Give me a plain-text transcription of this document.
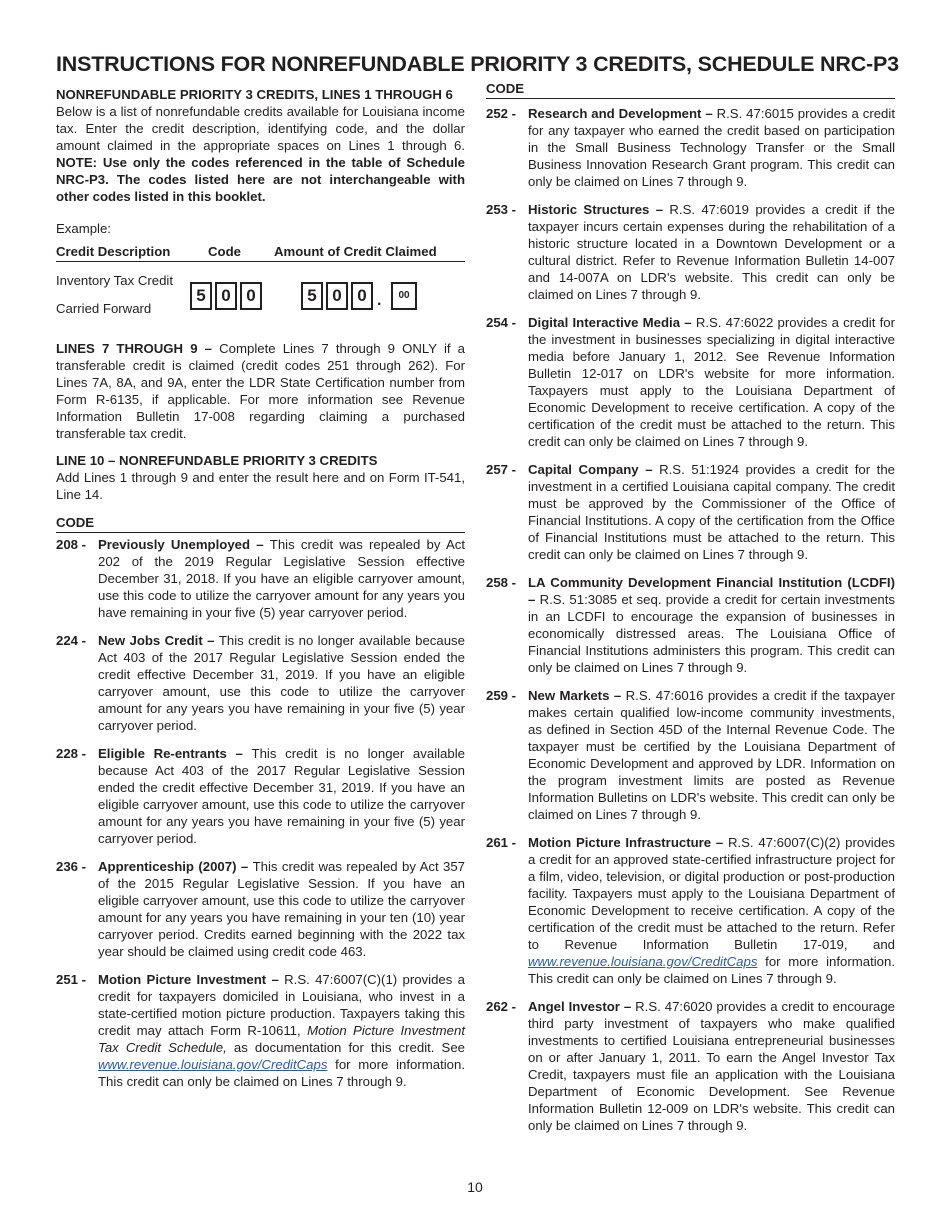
INSTRUCTIONS FOR NONREFUNDABLE PRIORITY 3 CREDITS, SCHEDULE NRC-P3

NONREFUNDABLE PRIORITY 3 CREDITS, LINES 1 THROUGH 6

Below is a list of nonrefundable credits available for Louisiana income tax. Enter the credit description, identifying code, and the dollar amount claimed in the appropriate spaces on Lines 1 through 6. NOTE: Use only the codes referenced in the table of Schedule NRC-P3. The codes listed here are not interchangeable with other codes listed in this booklet.

Example:

Credit Description	Code	Amount of Credit Claimed
Inventory Tax Credit
Carried Forward
5 0 0	5 0 0 .	00

LINES 7 THROUGH 9 – Complete Lines 7 through 9 ONLY if a transferable credit is claimed (credit codes 251 through 262). For Lines 7A, 8A, and 9A, enter the LDR State Certification number from Form R-6135, if applicable. For more information see Revenue Information Bulletin 17-008 regarding claiming a purchased transferable tax credit.

LINE 10 – NONREFUNDABLE PRIORITY 3 CREDITS

Add Lines 1 through 9 and enter the result here and on Form IT-541, Line 14.

CODE

208 - Previously Unemployed – This credit was repealed by Act 202 of the 2019 Regular Legislative Session effective December 31, 2018. If you have an eligible carryover amount, use this code to utilize the carryover amount for any years you have remaining in your five (5) year carryover period.
224 - New Jobs Credit – This credit is no longer available because Act 403 of the 2017 Regular Legislative Session ended the credit effective December 31, 2019. If you have an eligible carryover amount, use this code to utilize the carryover amount for any years you have remaining in your five (5) year carryover period.
228 - Eligible Re-entrants – This credit is no longer available because Act 403 of the 2017 Regular Legislative Session ended the credit effective December 31, 2019. If you have an eligible carryover amount, use this code to utilize the carryover amount for any years you have remaining in your five (5) year carryover period.
236 - Apprenticeship (2007) – This credit was repealed by Act 357 of the 2015 Regular Legislative Session. If you have an eligible carryover amount, use this code to utilize the carryover amount for any years you have remaining in your ten (10) year carryover period. Credits earned beginning with the 2022 tax year should be claimed using credit code 463.
251 - Motion Picture Investment – R.S. 47:6007(C)(1) provides a credit for taxpayers domiciled in Louisiana, who invest in a state-certified motion picture production. Taxpayers taking this credit may attach Form R-10611, Motion Picture Investment Tax Credit Schedule, as documentation for this credit. See www.revenue.louisiana.gov/CreditCaps for more information. This credit can only be claimed on Lines 7 through 9.

CODE

252 - Research and Development – R.S. 47:6015 provides a credit for any taxpayer who earned the credit based on participation in the Small Business Technology Transfer or the Small Business Innovation Research Grant program. This credit can only be claimed on Lines 7 through 9.
253 - Historic Structures – R.S. 47:6019 provides a credit if the taxpayer incurs certain expenses during the rehabilitation of a historic structure located in a Downtown Development or a cultural district. Refer to Revenue Information Bulletin 14-007 and 14-007A on LDR's website. This credit can only be claimed on Lines 7 through 9.
254 - Digital Interactive Media – R.S. 47:6022 provides a credit for the investment in businesses specializing in digital interactive media before January 1, 2012. See Revenue Information Bulletin 12-017 on LDR's website for more information. Taxpayers must apply to the Louisiana Department of Economic Development to receive certification. A copy of the certification of the credit must be attached to the return. This credit can only be claimed on Lines 7 through 9.
257 - Capital Company – R.S. 51:1924 provides a credit for the investment in a certified Louisiana capital company. The credit must be approved by the Commissioner of the Office of Financial Institutions. A copy of the certification from the Office of Financial Institutions must be attached to the return. This credit can only be claimed on Lines 7 through 9.
258 - LA Community Development Financial Institution (LCDFI) – R.S. 51:3085 et seq. provide a credit for certain investments in an LCDFI to encourage the expansion of businesses in economically distressed areas. The Louisiana Office of Financial Institutions administers this program. This credit can only be claimed on Lines 7 through 9.
259 - New Markets – R.S. 47:6016 provides a credit if the taxpayer makes certain qualified low-income community investments, as defined in Section 45D of the Internal Revenue Code. The taxpayer must be certified by the Louisiana Department of Economic Development and approved by LDR. Information on the program investment limits are posted as Revenue Information Bulletins on LDR's website. This credit can only be claimed on Lines 7 through 9.
261 - Motion Picture Infrastructure – R.S. 47:6007(C)(2) provides a credit for an approved state-certified infrastructure project for a film, video, television, or digital production or post-production facility. Taxpayers must apply to the Louisiana Department of Economic Development to receive certification. A copy of the certification of the credit must be attached to the return. Refer to Revenue Information Bulletin 17-019, and www.revenue.louisiana.gov/CreditCaps for more information. This credit can only be claimed on Lines 7 through 9.
262 - Angel Investor – R.S. 47:6020 provides a credit to encourage third party investment of taxpayers who make qualified investments to certified Louisiana entrepreneurial businesses on or after January 1, 2011. To earn the Angel Investor Tax Credit, taxpayers must file an application with the Louisiana Department of Economic Development. See Revenue Information Bulletin 12-009 on LDR's website. This credit can only be claimed on Lines 7 through 9.
10
